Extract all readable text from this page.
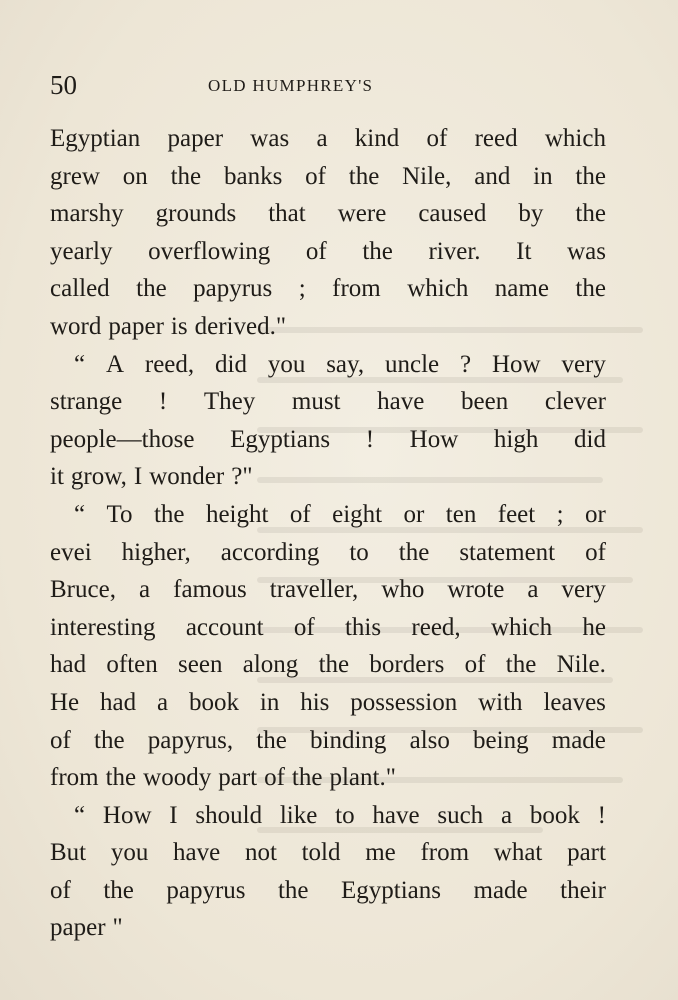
50	OLD HUMPHREY'S
Egyptian paper was a kind of reed which
grew on the banks of the Nile, and in the
marshy grounds that were caused by the
yearly overflowing of the river. It was
called the papyrus ; from which name the
word paper is derived."
“ A reed, did you say, uncle ? How very
strange ! They must have been clever
people—those Egyptians ! How high did
it grow, I wonder ?"
“ To the height of eight or ten feet ; or
evei higher, according to the statement of
Bruce, a famous traveller, who wrote a very
interesting account of this reed, which he
had often seen along the borders of the Nile.
He had a book in his possession with leaves
of the papyrus, the binding also being made
from the woody part of the plant."
“ How I should like to have such a book !
But you have not told me from what part
of the papyrus the Egyptians made their
paper "
